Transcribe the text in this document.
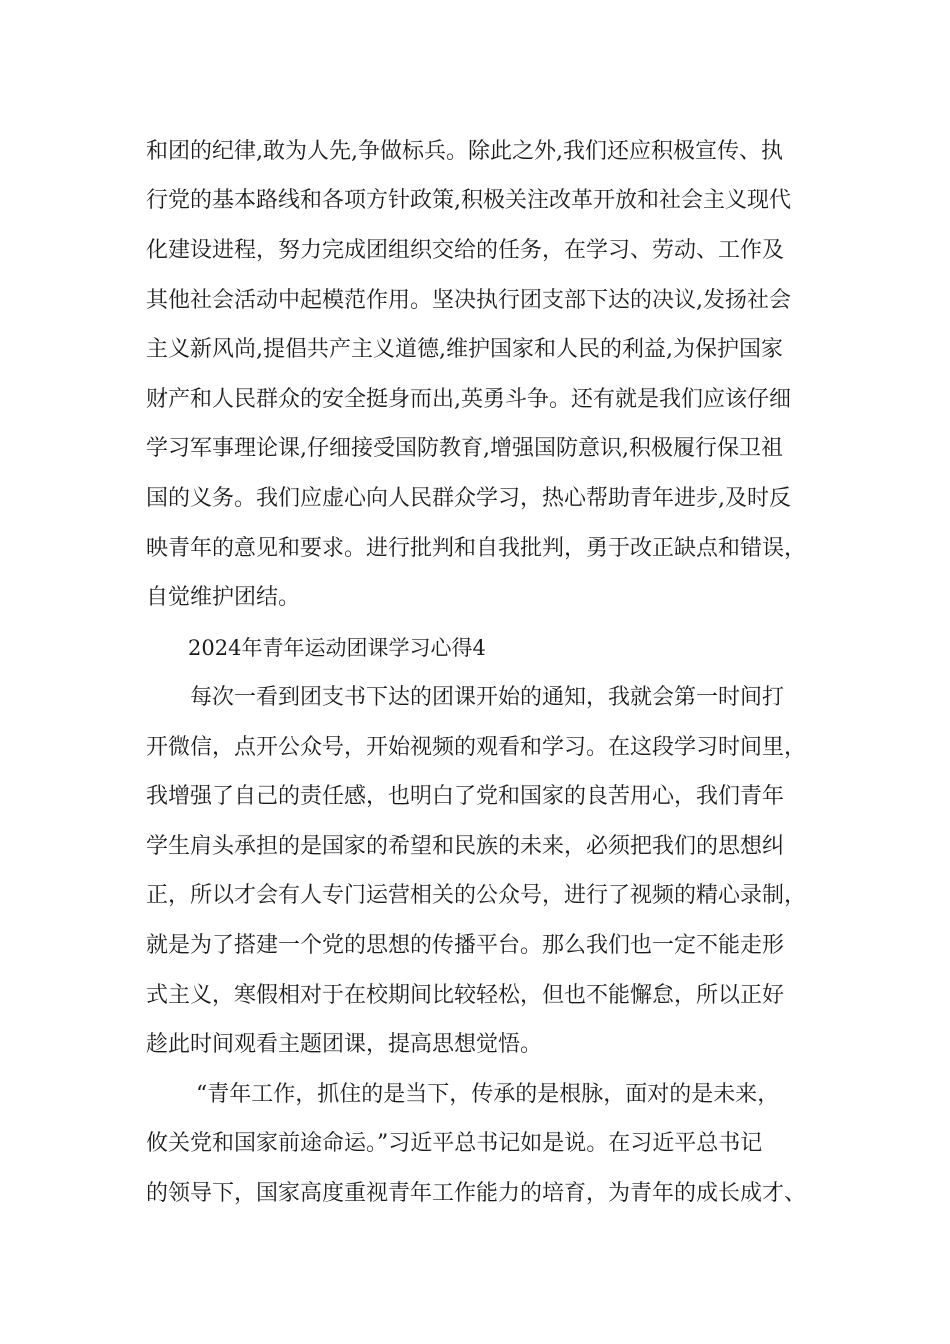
和团的纪律,敢为人先,争做标兵。除此之外,我们还应积极宣传、执
行党的基本路线和各项方针政策,积极关注改革开放和社会主义现代
化建设进程，努力完成团组织交给的任务，在学习、劳动、工作及
其他社会活动中起模范作用。坚决执行团支部下达的决议,发扬社会
主义新风尚,提倡共产主义道德,维护国家和人民的利益,为保护国家
财产和人民群众的安全挺身而出,英勇斗争。还有就是我们应该仔细
学习军事理论课,仔细接受国防教育,增强国防意识,积极履行保卫祖
国的义务。我们应虚心向人民群众学习，热心帮助青年进步,及时反
映青年的意见和要求。进行批判和自我批判，勇于改正缺点和错误，
自觉维护团结。
2024年青年运动团课学习心得4
每次一看到团支书下达的团课开始的通知，我就会第一时间打
开微信，点开公众号，开始视频的观看和学习。在这段学习时间里，
我增强了自己的责任感，也明白了党和国家的良苦用心，我们青年
学生肩头承担的是国家的希望和民族的未来，必须把我们的思想纠
正，所以才会有人专门运营相关的公众号，进行了视频的精心录制，
就是为了搭建一个党的思想的传播平台。那么我们也一定不能走形
式主义，寒假相对于在校期间比较轻松，但也不能懈怠，所以正好
趁此时间观看主题团课，提高思想觉悟。
“青年工作，抓住的是当下，传承的是根脉，面对的是未来，
攸关党和国家前途命运。”习近平总书记如是说。在习近平总书记
的领导下，国家高度重视青年工作能力的培育，为青年的成长成才、
